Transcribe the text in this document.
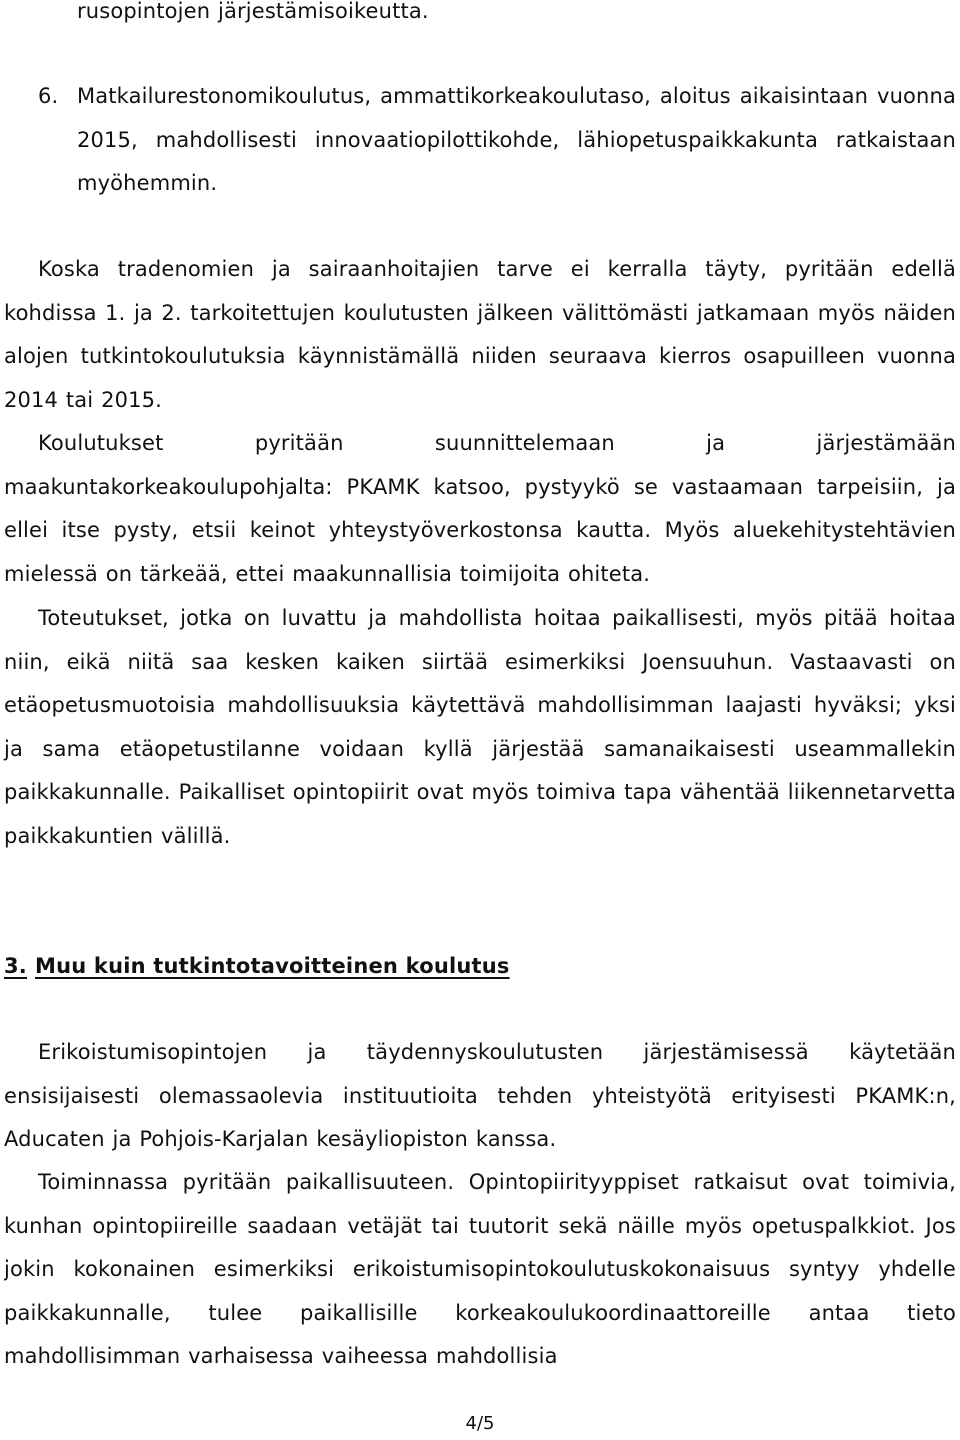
rusopintojen järjestämisoikeutta.

6. Matkailurestonomikoulutus, ammattikorkeakoulutaso, aloitus aikaisintaan vuonna 2015, mahdollisesti innovaatiopilottikohde, lähiopetuspaikkakunta ratkaistaan myöhemmin.

Koska tradenomien ja sairaanhoitajien tarve ei kerralla täyty, pyritään edellä kohdissa 1. ja 2. tarkoitettujen koulutusten jälkeen välittömästi jatkamaan myös näiden alojen tutkintokoulutuksia käynnistämällä niiden seuraava kierros osapuilleen vuonna 2014 tai 2015.

Koulutukset pyritään suunnittelemaan ja järjestämään maakuntakorkeakoulupohjalta: PKAMK katsoo, pystyykö se vastaamaan tarpeisiin, ja ellei itse pysty, etsii keinot yhteystyöverkostonsa kautta. Myös aluekehitystehtävien mielessä on tärkeää, ettei maakunnallisia toimijoita ohiteta.

Toteutukset, jotka on luvattu ja mahdollista hoitaa paikallisesti, myös pitää hoitaa niin, eikä niitä saa kesken kaiken siirtää esimerkiksi Joensuuhun. Vastaavasti on etäopetusmuotoisia mahdollisuuksia käytettävä mahdollisimman laajasti hyväksi; yksi ja sama etäopetustilanne voidaan kyllä järjestää samanaikaisesti useammallekin paikkakunnalle. Paikalliset opintopiirit ovat myös toimiva tapa vähentää liikennetarvetta paikkakuntien välillä.

3. Muu kuin tutkintotavoitteinen koulutus

Erikoistumisopintojen ja täydennyskoulutusten järjestämisessä käytetään ensisijaisesti olemassaolevia instituutioita tehden yhteistyötä erityisesti PKAMK:n, Aducaten ja Pohjois-Karjalan kesäyliopiston kanssa.

Toiminnassa pyritään paikallisuuteen. Opintopiirityyppiset ratkaisut ovat toimivia, kunhan opintopiireille saadaan vetäjät tai tuutorit sekä näille myös opetuspalkkiot. Jos jokin kokonainen esimerkiksi erikoistumisopintokoulutuskokonaisuus syntyy yhdelle paikkakunnalle, tulee paikallisille korkeakoulukoordinaattoreille antaa tieto mahdollisimman varhaisessa vaiheessa mahdollisia

4/5
